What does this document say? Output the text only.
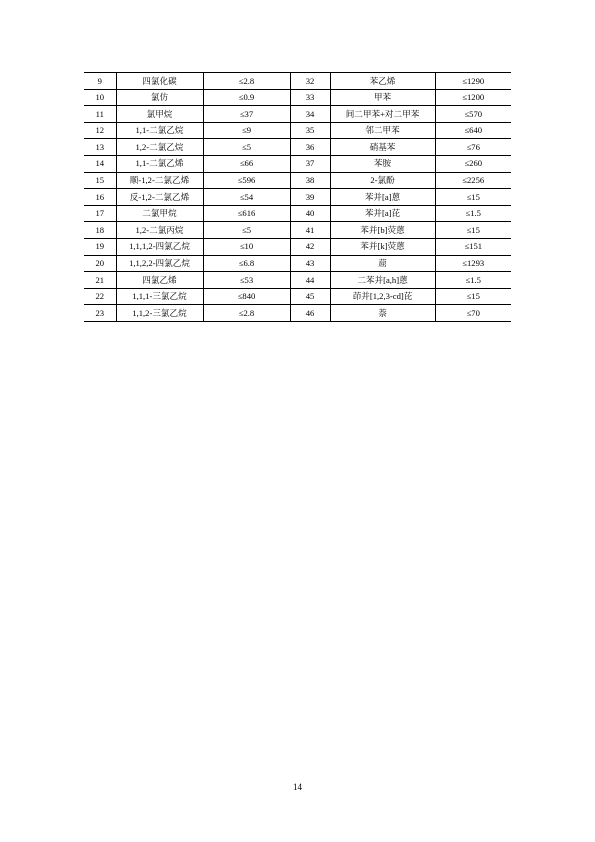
9	四氯化碳	≤2.8	32	苯乙烯	≤1290
10	氯仿	≤0.9	33	甲苯	≤1200
11	氯甲烷	≤37	34	间二甲苯+对二甲苯	≤570
12	1,1-二氯乙烷	≤9	35	邻二甲苯	≤640
13	1,2-二氯乙烷	≤5	36	硝基苯	≤76
14	1,1-二氯乙烯	≤66	37	苯胺	≤260
15	顺-1,2-二氯乙烯	≤596	38	2-氯酚	≤2256
16	反-1,2-二氯乙烯	≤54	39	苯并[a]蒽	≤15
17	二氯甲烷	≤616	40	苯并[a]芘	≤1.5
18	1,2-二氯丙烷	≤5	41	苯并[b]荧蒽	≤15
19	1,1,1,2-四氯乙烷	≤10	42	苯并[k]荧蒽	≤151
20	1,1,2,2-四氯乙烷	≤6.8	43	䓛	≤1293
21	四氯乙烯	≤53	44	二苯并[a,h]蒽	≤1.5
22	1,1,1-三氯乙烷	≤840	45	茚并[1,2,3-cd]芘	≤15
23	1,1,2-三氯乙烷	≤2.8	46	萘	≤70
14
